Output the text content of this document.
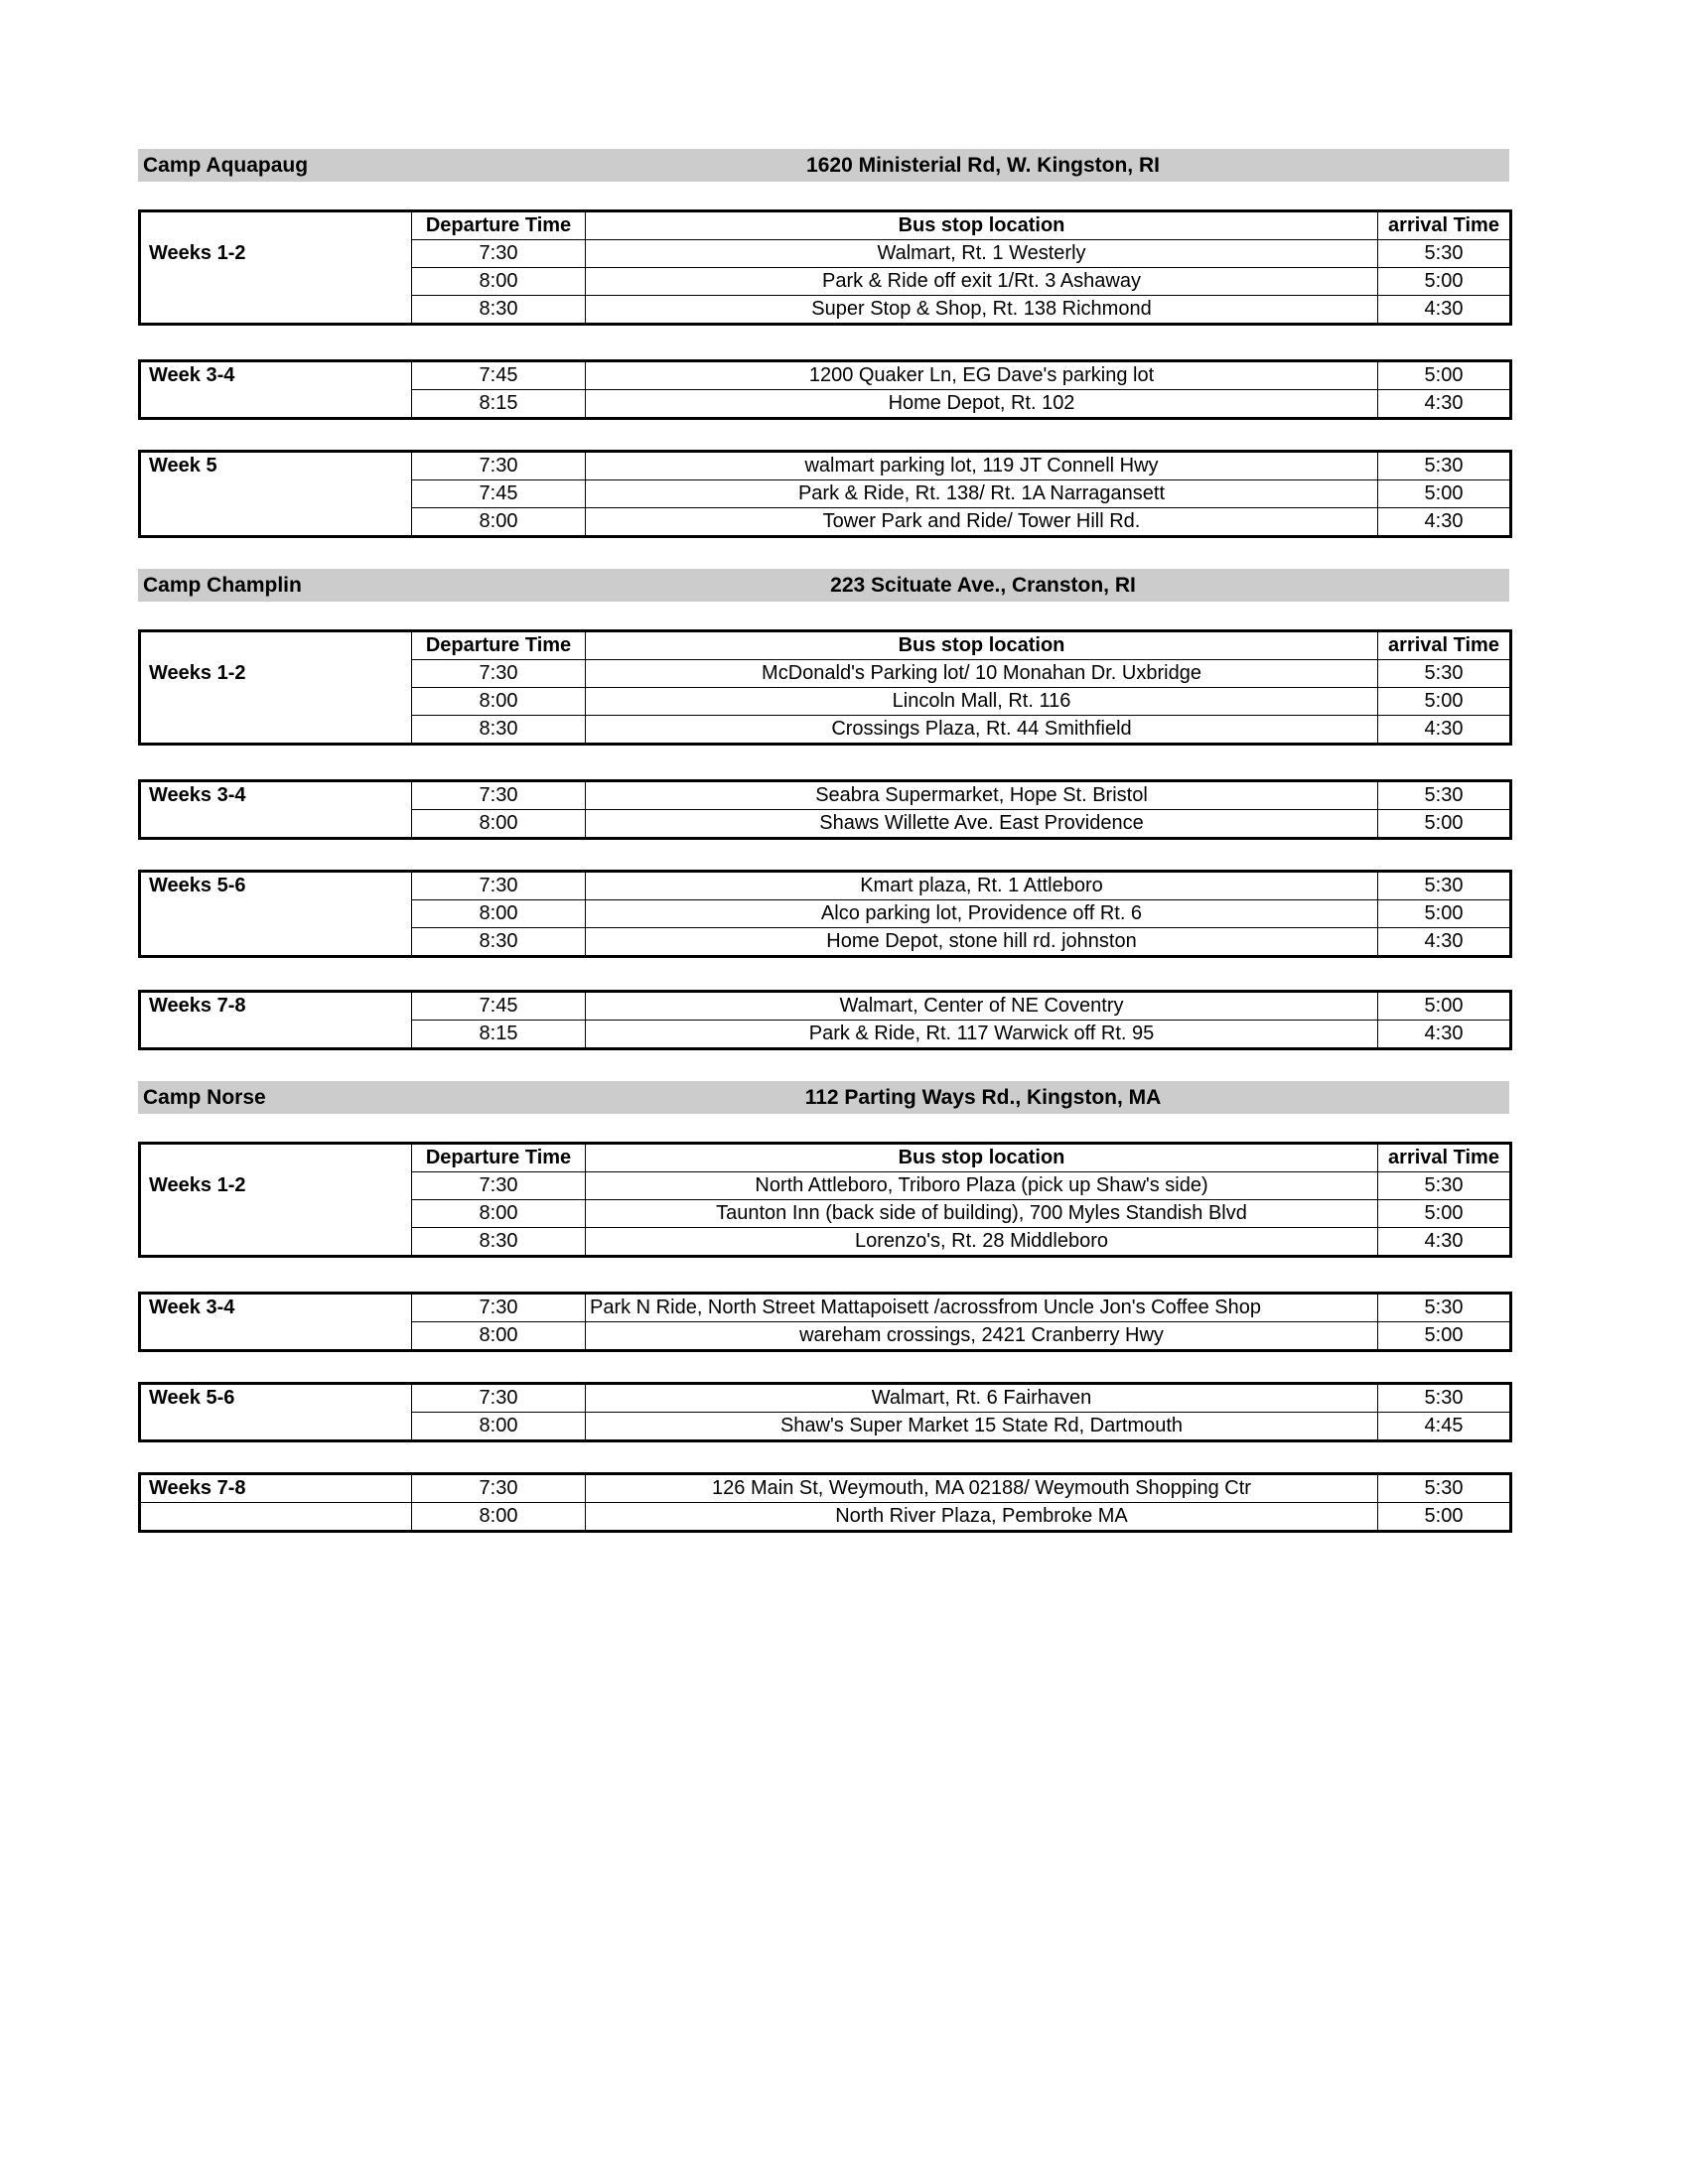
Camp Aquapaug	1620 Ministerial Rd, W. Kingston, RI
	Departure Time	Bus stop location	arrival Time
Weeks 1-2	7:30	Walmart, Rt. 1 Westerly	5:30
	8:00	Park & Ride off exit 1/Rt. 3 Ashaway	5:00
	8:30	Super Stop & Shop, Rt. 138 Richmond	4:30
Week 3-4	7:45	1200 Quaker Ln, EG Dave's parking lot	5:00
	8:15	Home Depot, Rt. 102	4:30
Week 5	7:30	walmart parking lot, 119 JT Connell Hwy	5:30
	7:45	Park & Ride, Rt. 138/ Rt. 1A Narragansett	5:00
	8:00	Tower Park and Ride/ Tower Hill Rd.	4:30
Camp Champlin	223 Scituate Ave., Cranston, RI
	Departure Time	Bus stop location	arrival Time
Weeks 1-2	7:30	McDonald's Parking lot/ 10 Monahan Dr. Uxbridge	5:30
	8:00	Lincoln Mall, Rt. 116	5:00
	8:30	Crossings Plaza, Rt. 44 Smithfield	4:30
Weeks 3-4	7:30	Seabra Supermarket, Hope St. Bristol	5:30
	8:00	Shaws Willette Ave. East Providence	5:00
Weeks 5-6	7:30	Kmart plaza, Rt. 1 Attleboro	5:30
	8:00	Alco parking lot, Providence off Rt. 6	5:00
	8:30	Home Depot, stone hill rd. johnston	4:30
Weeks 7-8	7:45	Walmart, Center of NE Coventry	5:00
	8:15	Park & Ride, Rt. 117 Warwick off Rt. 95	4:30
Camp Norse	112 Parting Ways Rd., Kingston, MA
	Departure Time	Bus stop location	arrival Time
Weeks 1-2	7:30	North Attleboro, Triboro Plaza (pick up Shaw's side)	5:30
	8:00	Taunton Inn (back side of building), 700 Myles Standish Blvd	5:00
	8:30	Lorenzo's, Rt. 28 Middleboro	4:30
Week 3-4	7:30	Park N Ride, North Street Mattapoisett /acrossfrom Uncle Jon's Coffee Shop	5:30
	8:00	wareham crossings, 2421 Cranberry Hwy	5:00
Week 5-6	7:30	Walmart, Rt. 6 Fairhaven	5:30
	8:00	Shaw's Super Market 15 State Rd, Dartmouth	4:45
Weeks 7-8	7:30	126 Main St, Weymouth, MA 02188/ Weymouth Shopping Ctr	5:30
	8:00	North River Plaza, Pembroke MA	5:00
